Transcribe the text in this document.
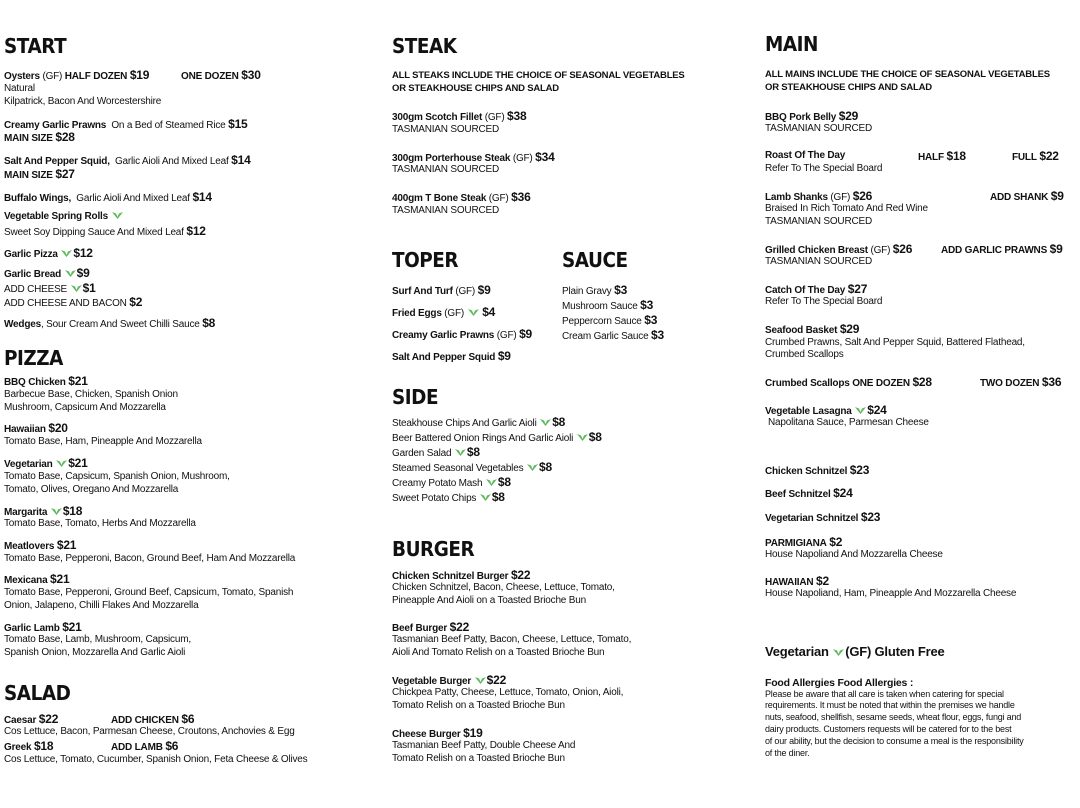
START
Oysters (GF) HALF DOZEN $19	ONE DOZEN $30
Natural
Kilpatrick, Bacon And Worcestershire
Creamy Garlic Prawns On a Bed of Steamed Rice $15
MAIN SIZE $28
Salt And Pepper Squid, Garlic Aioli And Mixed Leaf $14
MAIN SIZE $27
Buffalo Wings, Garlic Aioli And Mixed Leaf $14
Vegetable Spring Rolls
Sweet Soy Dipping Sauce And Mixed Leaf $12
Garlic Pizza $12
Garlic Bread $9
ADD CHEESE $1
ADD CHEESE AND BACON $2
Wedges, Sour Cream And Sweet Chilli Sauce $8
PIZZA
BBQ Chicken $21
Barbecue Base, Chicken, Spanish Onion
Mushroom, Capsicum And Mozzarella
Hawaiian $20
Tomato Base, Ham, Pineapple And Mozzarella
Vegetarian $21
Tomato Base, Capsicum, Spanish Onion, Mushroom,
Tomato, Olives, Oregano And Mozzarella
Margarita $18
Tomato Base, Tomato, Herbs And Mozzarella
Meatlovers $21
Tomato Base, Pepperoni, Bacon, Ground Beef, Ham And Mozzarella
Mexicana $21
Tomato Base, Pepperoni, Ground Beef, Capsicum, Tomato, Spanish
Onion, Jalapeno, Chilli Flakes And Mozzarella
Garlic Lamb $21
Tomato Base, Lamb, Mushroom, Capsicum,
Spanish Onion, Mozzarella And Garlic Aioli
SALAD
Caesar $22	ADD CHICKEN $6
Cos Lettuce, Bacon, Parmesan Cheese, Croutons, Anchovies & Egg
Greek $18	ADD LAMB $6
Cos Lettuce, Tomato, Cucumber, Spanish Onion, Feta Cheese & Olives
STEAK
ALL STEAKS INCLUDE THE CHOICE OF SEASONAL VEGETABLES
OR STEAKHOUSE CHIPS AND SALAD
300gm Scotch Fillet (GF) $38
TASMANIAN SOURCED
300gm Porterhouse Steak (GF) $34
TASMANIAN SOURCED
400gm T Bone Steak (GF) $36
TASMANIAN SOURCED
TOPER
Surf And Turf (GF) $9
Fried Eggs (GF)
$4
Creamy Garlic Prawns (GF) $9
Salt And Pepper Squid $9
SAUCE
Plain Gravy $3
Mushroom Sauce $3
Peppercorn Sauce $3
Cream Garlic Sauce $3
SIDE
Steakhouse Chips And Garlic Aioli $8
Beer Battered Onion Rings And Garlic Aioli $8
Garden Salad $8
Steamed Seasonal Vegetables $8
Creamy Potato Mash $8
Sweet Potato Chips $8
BURGER
Chicken Schnitzel Burger $22
Chicken Schnitzel, Bacon, Cheese, Lettuce, Tomato,
Pineapple And Aioli on a Toasted Brioche Bun
Beef Burger $22
Tasmanian Beef Patty, Bacon, Cheese, Lettuce, Tomato,
Aioli And Tomato Relish on a Toasted Brioche Bun
Vegetable Burger $22
Chickpea Patty, Cheese, Lettuce, Tomato, Onion, Aioli,
Tomato Relish on a Toasted Brioche Bun
Cheese Burger $19
Tasmanian Beef Patty, Double Cheese And
Tomato Relish on a Toasted Brioche Bun
MAIN
ALL MAINS INCLUDE THE CHOICE OF SEASONAL VEGETABLES
OR STEAKHOUSE CHIPS AND SALAD
BBQ Pork Belly $29
TASMANIAN SOURCED
Roast Of The Day	HALF $18	FULL $22
Refer To The Special Board
Lamb Shanks (GF) $26	ADD SHANK $9
Braised In Rich Tomato And Red Wine
TASMANIAN SOURCED
Grilled Chicken Breast (GF) $26	ADD GARLIC PRAWNS $9
TASMANIAN SOURCED
Catch Of The Day $27
Refer To The Special Board
Seafood Basket $29
Crumbed Prawns, Salt And Pepper Squid, Battered Flathead,
Crumbed Scallops
Crumbed Scallops ONE DOZEN $28	TWO DOZEN $36
Vegetable Lasagna $24
Napolitana Sauce, Parmesan Cheese
Chicken Schnitzel $23
Beef Schnitzel $24
Vegetarian Schnitzel $23
PARMIGIANA $2
House Napoliand And Mozzarella Cheese
HAWAIIAN $2
House Napoliand, Ham, Pineapple And Mozzarella Cheese
Vegetarian (GF) Gluten Free
Food Allergies Food Allergies :
Please be aware that all care is taken when catering for special
requirements. It must be noted that within the premises we handle
nuts, seafood, shellfish, sesame seeds, wheat flour, eggs, fungi and
dairy products. Customers requests will be catered for to the best
of our ability, but the decision to consume a meal is the responsibility
of the diner.
